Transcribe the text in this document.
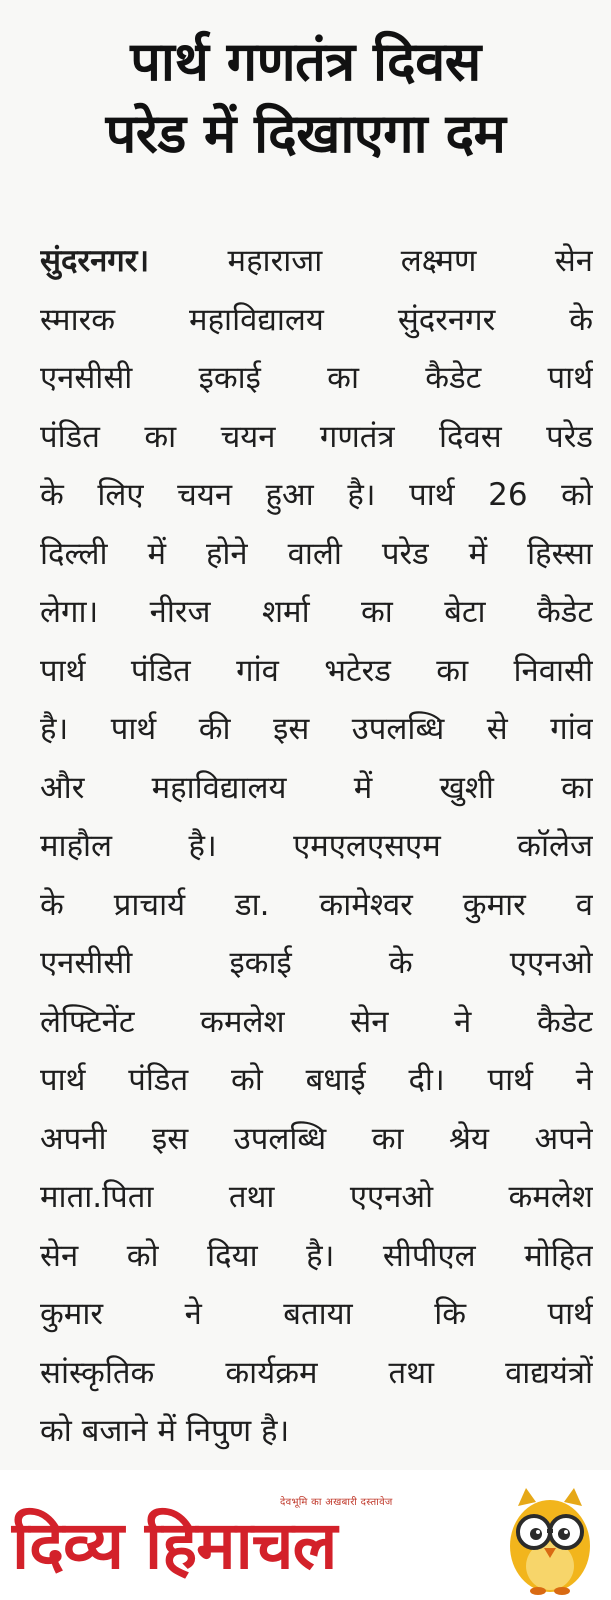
पार्थ गणतंत्र दिवस
परेड में दिखाएगा दम
सुंदरनगर। महाराजा लक्ष्मण सेन
स्मारक महाविद्यालय सुंदरनगर के
एनसीसी इकाई का कैडेट पार्थ
पंडित का चयन गणतंत्र दिवस परेड
के लिए चयन हुआ है। पार्थ 26 को
दिल्ली में होने वाली परेड में हिस्सा
लेगा। नीरज शर्मा का बेटा कैडेट
पार्थ पंडित गांव भटेरड का निवासी
है। पार्थ की इस उपलब्धि से गांव
और महाविद्यालय में खुशी का
माहौल है। एमएलएसएम कॉलेज
के प्राचार्य डा. कामेश्वर कुमार व
एनसीसी इकाई के एएनओ
लेफ्टिनेंट कमलेश सेन ने कैडेट
पार्थ पंडित को बधाई दी। पार्थ ने
अपनी इस उपलब्धि का श्रेय अपने
माता.पिता तथा एएनओ कमलेश
सेन को दिया है। सीपीएल मोहित
कुमार ने बताया कि पार्थ
सांस्कृतिक कार्यक्रम तथा वाद्ययंत्रों
को बजाने में निपुण है।
देवभूमि का अखबारी दस्तावेज
दिव्य हिमाचल
